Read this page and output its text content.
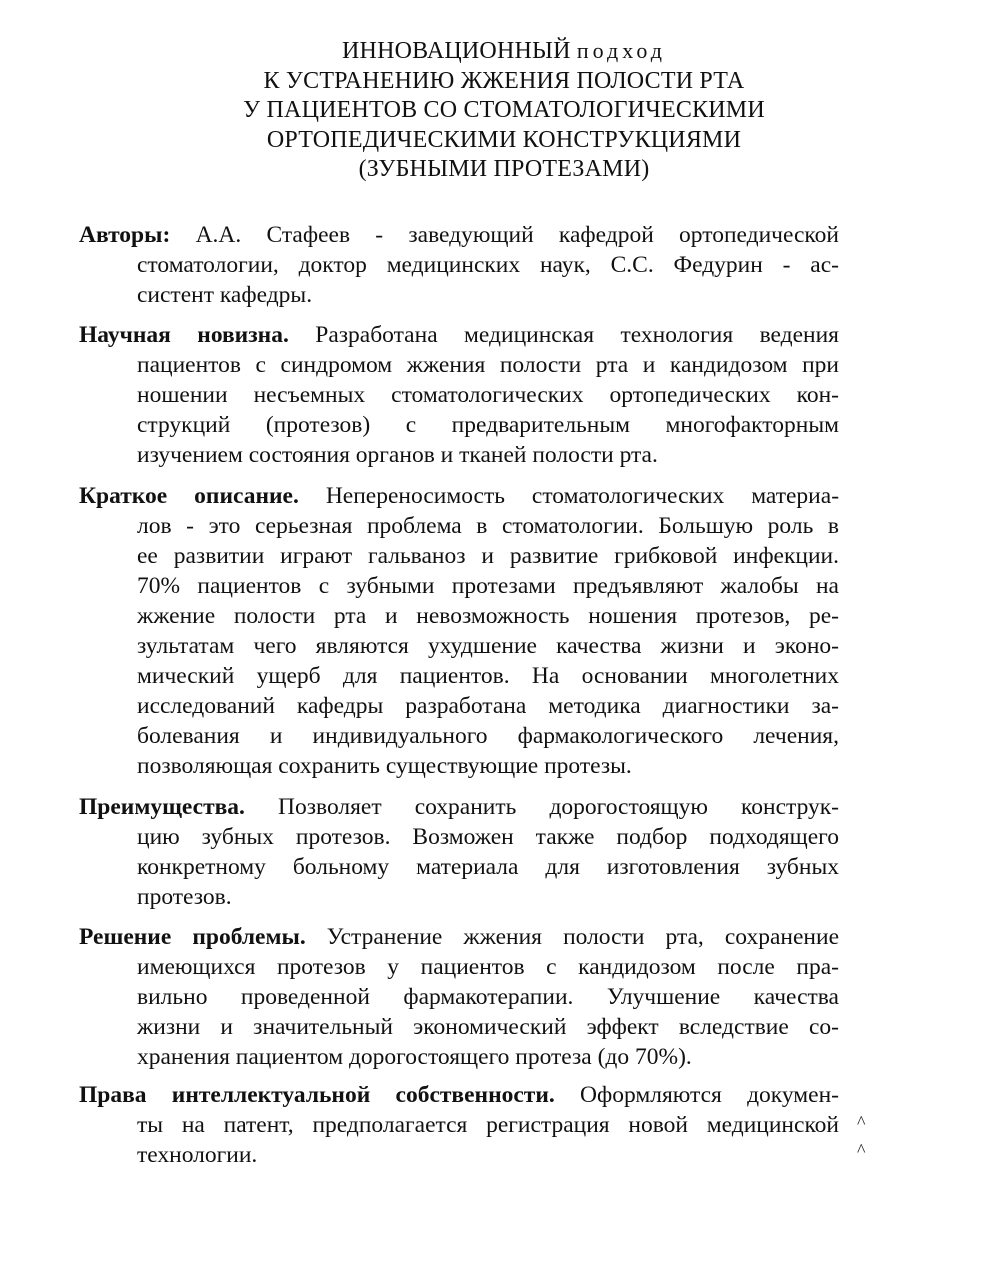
ИННОВАЦИОННЫЙ подход
К УСТРАНЕНИЮ ЖЖЕНИЯ ПОЛОСТИ РТА
У ПАЦИЕНТОВ СО СТОМАТОЛОГИЧЕСКИМИ
ОРТОПЕДИЧЕСКИМИ КОНСТРУКЦИЯМИ
(ЗУБНЫМИ ПРОТЕЗАМИ)
Авторы: А.А. Стафеев - заведующий кафедрой ортопедической
стоматологии, доктор медицинских наук, С.С. Федурин - ас-
систент кафедры.
Научная новизна. Разработана медицинская технология ведения
пациентов с синдромом жжения полости рта и кандидозом при
ношении несъемных стоматологических ортопедических кон-
струкций (протезов) с предварительным многофакторным
изучением состояния органов и тканей полости рта.
Краткое описание. Непереносимость стоматологических материа-
лов - это серьезная проблема в стоматологии. Большую роль в
ее развитии играют гальваноз и развитие грибковой инфекции.
70% пациентов с зубными протезами предъявляют жалобы на
жжение полости рта и невозможность ношения протезов, ре-
зультатам чего являются ухудшение качества жизни и эконо-
мический ущерб для пациентов. На основании многолетних
исследований кафедры разработана методика диагностики за-
болевания и индивидуального фармакологического лечения,
позволяющая сохранить существующие протезы.
Преимущества. Позволяет сохранить дорогостоящую конструк-
цию зубных протезов. Возможен также подбор подходящего
конкретному больному материала для изготовления зубных
протезов.
Решение проблемы. Устранение жжения полости рта, сохранение
имеющихся протезов у пациентов с кандидозом после пра-
вильно проведенной фармакотерапии. Улучшение качества
жизни и значительный экономический эффект вследствие со-
хранения пациентом дорогостоящего протеза (до 70%).
Права интеллектуальной собственности. Оформляются докумен-
ты на патент, предполагается регистрация новой медицинской
технологии.
^
^
